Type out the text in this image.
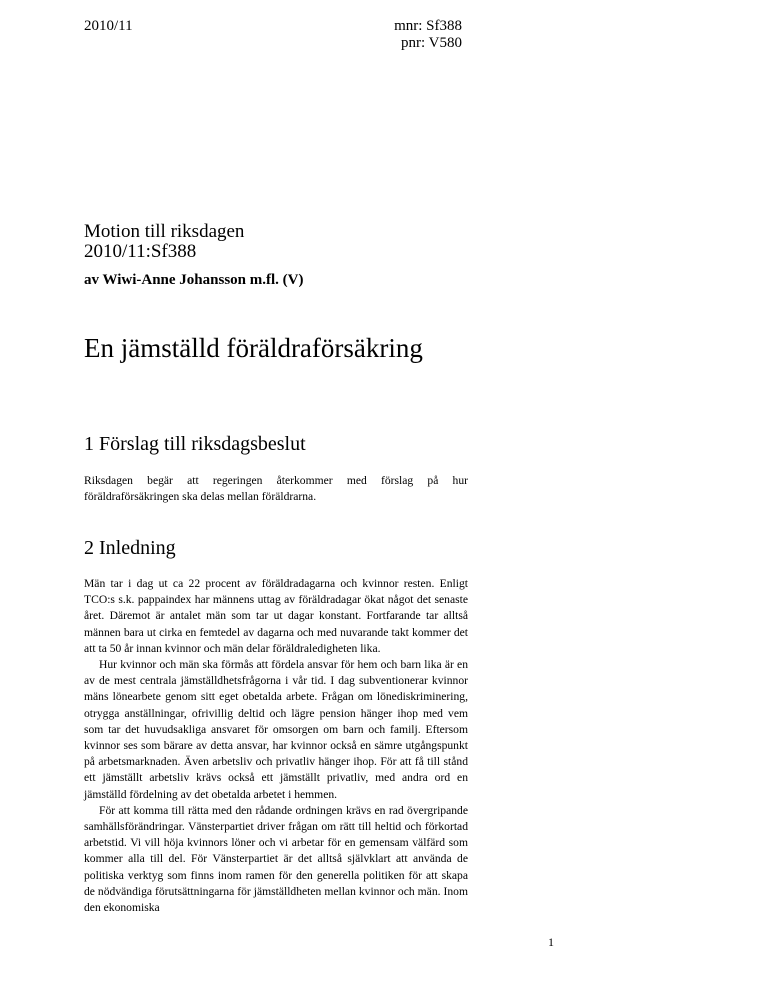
2010/11	mnr: Sf388
pnr: V580
Motion till riksdagen
2010/11:Sf388
av Wiwi-Anne Johansson m.fl. (V)
En jämställd föräldraförsäkring
1 Förslag till riksdagsbeslut

Riksdagen begär att regeringen återkommer med förslag på hur föräldraförsäkringen ska delas mellan föräldrarna.

2 Inledning

Män tar i dag ut ca 22 procent av föräldradagarna och kvinnor resten. Enligt TCO:s s.k. pappaindex har männens uttag av föräldradagar ökat något det senaste året. Däremot är antalet män som tar ut dagar konstant. Fortfarande tar alltså männen bara ut cirka en femtedel av dagarna och med nuvarande takt kommer det att ta 50 år innan kvinnor och män delar föräldraledigheten lika.

Hur kvinnor och män ska förmås att fördela ansvar för hem och barn lika är en av de mest centrala jämställdhetsfrågorna i vår tid. I dag subventionerar kvinnor mäns lönearbete genom sitt eget obetalda arbete. Frågan om lönediskriminering, otrygga anställningar, ofrivillig deltid och lägre pension hänger ihop med vem som tar det huvudsakliga ansvaret för omsorgen om barn och familj. Eftersom kvinnor ses som bärare av detta ansvar, har kvinnor också en sämre utgångspunkt på arbetsmarknaden. Även arbetsliv och privatliv hänger ihop. För att få till stånd ett jämställt arbetsliv krävs också ett jämställt privatliv, med andra ord en jämställd fördelning av det obetalda arbetet i hemmen.

För att komma till rätta med den rådande ordningen krävs en rad övergripande samhällsförändringar. Vänsterpartiet driver frågan om rätt till heltid och förkortad arbetstid. Vi vill höja kvinnors löner och vi arbetar för en gemensam välfärd som kommer alla till del. För Vänsterpartiet är det alltså självklart att använda de politiska verktyg som finns inom ramen för den generella politiken för att skapa de nödvändiga förutsättningarna för jämställdheten mellan kvinnor och män. Inom den ekonomiska

1
